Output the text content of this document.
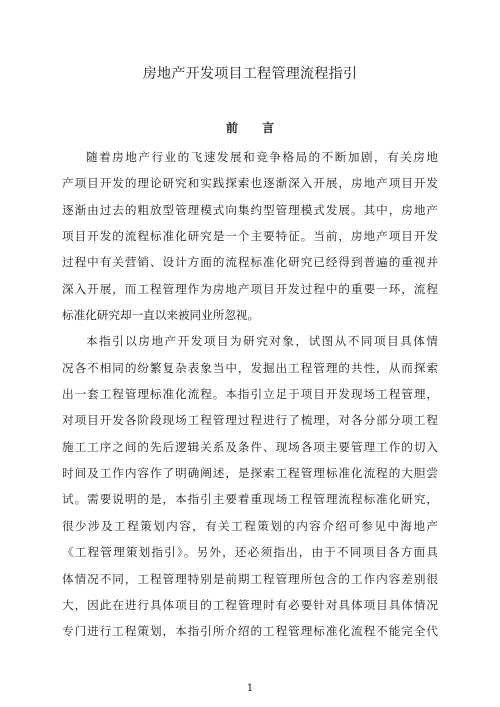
房地产开发项目工程管理流程指引
前 言
随着房地产行业的飞速发展和竞争格局的不断加剧，有关房地
产项目开发的理论研究和实践探索也逐渐深入开展，房地产项目开发
逐渐由过去的粗放型管理模式向集约型管理模式发展。其中，房地产
项目开发的流程标准化研究是一个主要特征。当前，房地产项目开发
过程中有关营销、设计方面的流程标准化研究已经得到普遍的重视并
深入开展，而工程管理作为房地产项目开发过程中的重要一环，流程
标准化研究却一直以来被同业所忽视。
本指引以房地产开发项目为研究对象，试图从不同项目具体情
况各不相同的纷繁复杂表象当中，发掘出工程管理的共性，从而探索
出一套工程管理标准化流程。本指引立足于项目开发现场工程管理，
对项目开发各阶段现场工程管理过程进行了梳理，对各分部分项工程
施工工序之间的先后逻辑关系及条件、现场各项主要管理工作的切入
时间及工作内容作了明确阐述，是探索工程管理标准化流程的大胆尝
试。需要说明的是，本指引主要着重现场工程管理流程标准化研究，
很少涉及工程策划内容，有关工程策划的内容介绍可参见中海地产
《工程管理策划指引》。另外，还必须指出，由于不同项目各方面具
体情况不同，工程管理特别是前期工程管理所包含的工作内容差别很
大，因此在进行具体项目的工程管理时有必要针对具体项目具体情况
专门进行工程策划，本指引所介绍的工程管理标准化流程不能完全代
1
